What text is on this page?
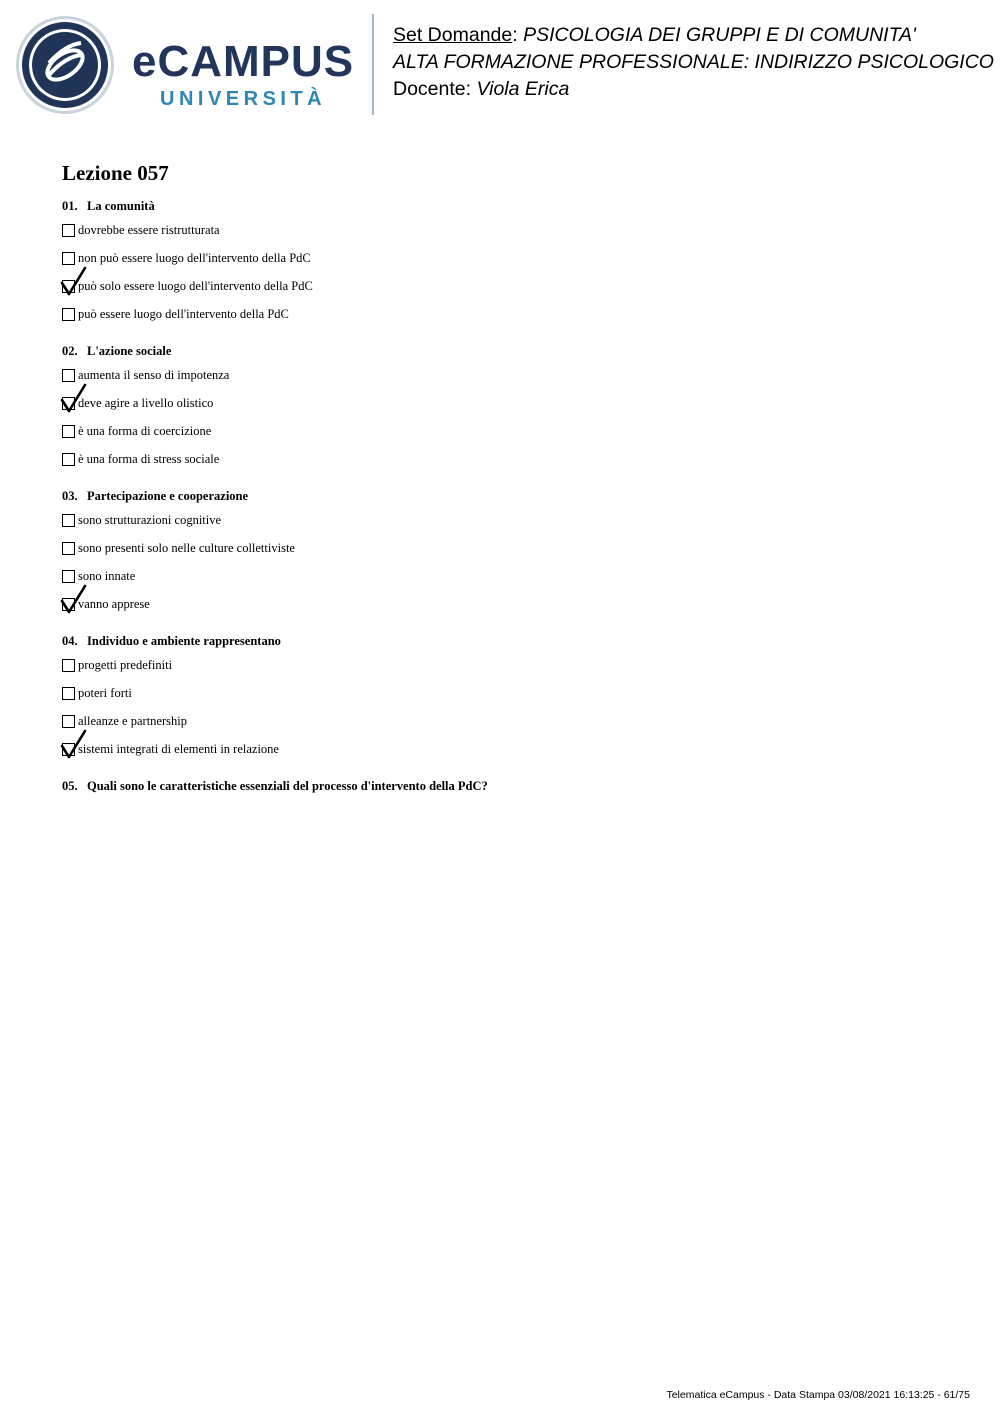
eCAMPUS
UNIVERSITÀ
Set Domande: PSICOLOGIA DEI GRUPPI E DI COMUNITA'
ALTA FORMAZIONE PROFESSIONALE: INDIRIZZO PSICOLOGICO
Docente: Viola Erica
Lezione 057
01. La comunità
dovrebbe essere ristrutturata
non può essere luogo dell'intervento della PdC
può solo essere luogo dell'intervento della PdC
può essere luogo dell'intervento della PdC
02. L'azione sociale
aumenta il senso di impotenza
deve agire a livello olistico
è una forma di coercizione
è una forma di stress sociale
03. Partecipazione e cooperazione
sono strutturazioni cognitive
sono presenti solo nelle culture collettiviste
sono innate
vanno apprese
04. Individuo e ambiente rappresentano
progetti predefiniti
poteri forti
alleanze e partnership
sistemi integrati di elementi in relazione
05. Quali sono le caratteristiche essenziali del processo d'intervento della PdC?
Telematica eCampus - Data Stampa 03/08/2021 16:13:25 - 61/75
